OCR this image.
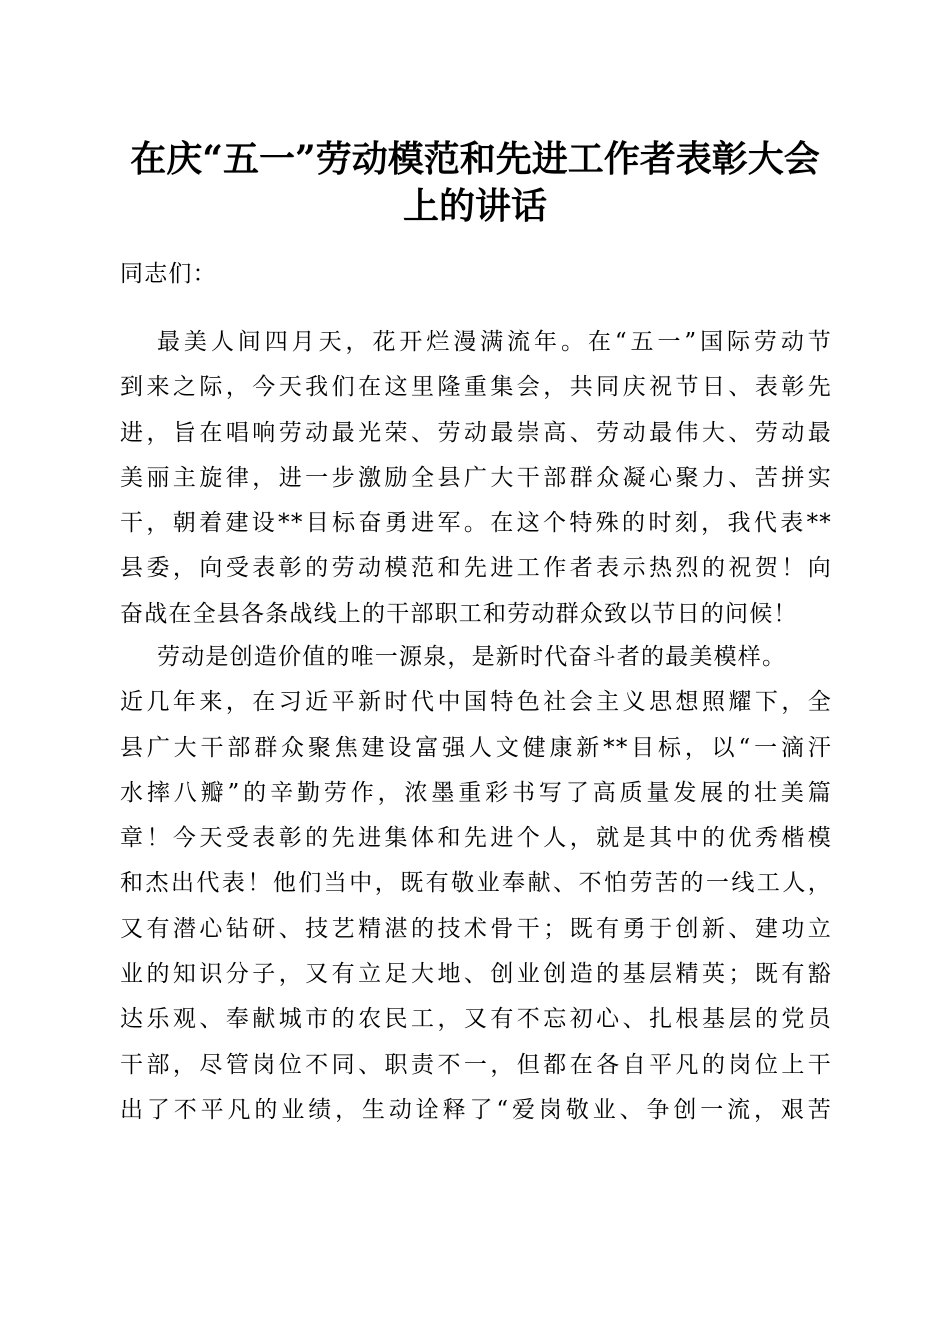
在庆“五一”劳动模范和先进工作者表彰大会
上的讲话

同志们：

最美人间四月天，花开烂漫满流年。在“五一”国际劳动节
到来之际，今天我们在这里隆重集会，共同庆祝节日、表彰先
进，旨在唱响劳动最光荣、劳动最崇高、劳动最伟大、劳动最
美丽主旋律，进一步激励全县广大干部群众凝心聚力、苦拼实
干，朝着建设**目标奋勇进军。在这个特殊的时刻，我代表**
县委，向受表彰的劳动模范和先进工作者表示热烈的祝贺！向
奋战在全县各条战线上的干部职工和劳动群众致以节日的问候！
劳动是创造价值的唯一源泉，是新时代奋斗者的最美模样。
近几年来，在习近平新时代中国特色社会主义思想照耀下，全
县广大干部群众聚焦建设富强人文健康新**目标，以“一滴汗
水摔八瓣”的辛勤劳作，浓墨重彩书写了高质量发展的壮美篇
章！今天受表彰的先进集体和先进个人，就是其中的优秀楷模
和杰出代表！他们当中，既有敬业奉献、不怕劳苦的一线工人，
又有潜心钻研、技艺精湛的技术骨干；既有勇于创新、建功立
业的知识分子，又有立足大地、创业创造的基层精英；既有豁
达乐观、奉献城市的农民工，又有不忘初心、扎根基层的党员
干部，尽管岗位不同、职责不一，但都在各自平凡的岗位上干
出了不平凡的业绩，生动诠释了“爱岗敬业、争创一流，艰苦
